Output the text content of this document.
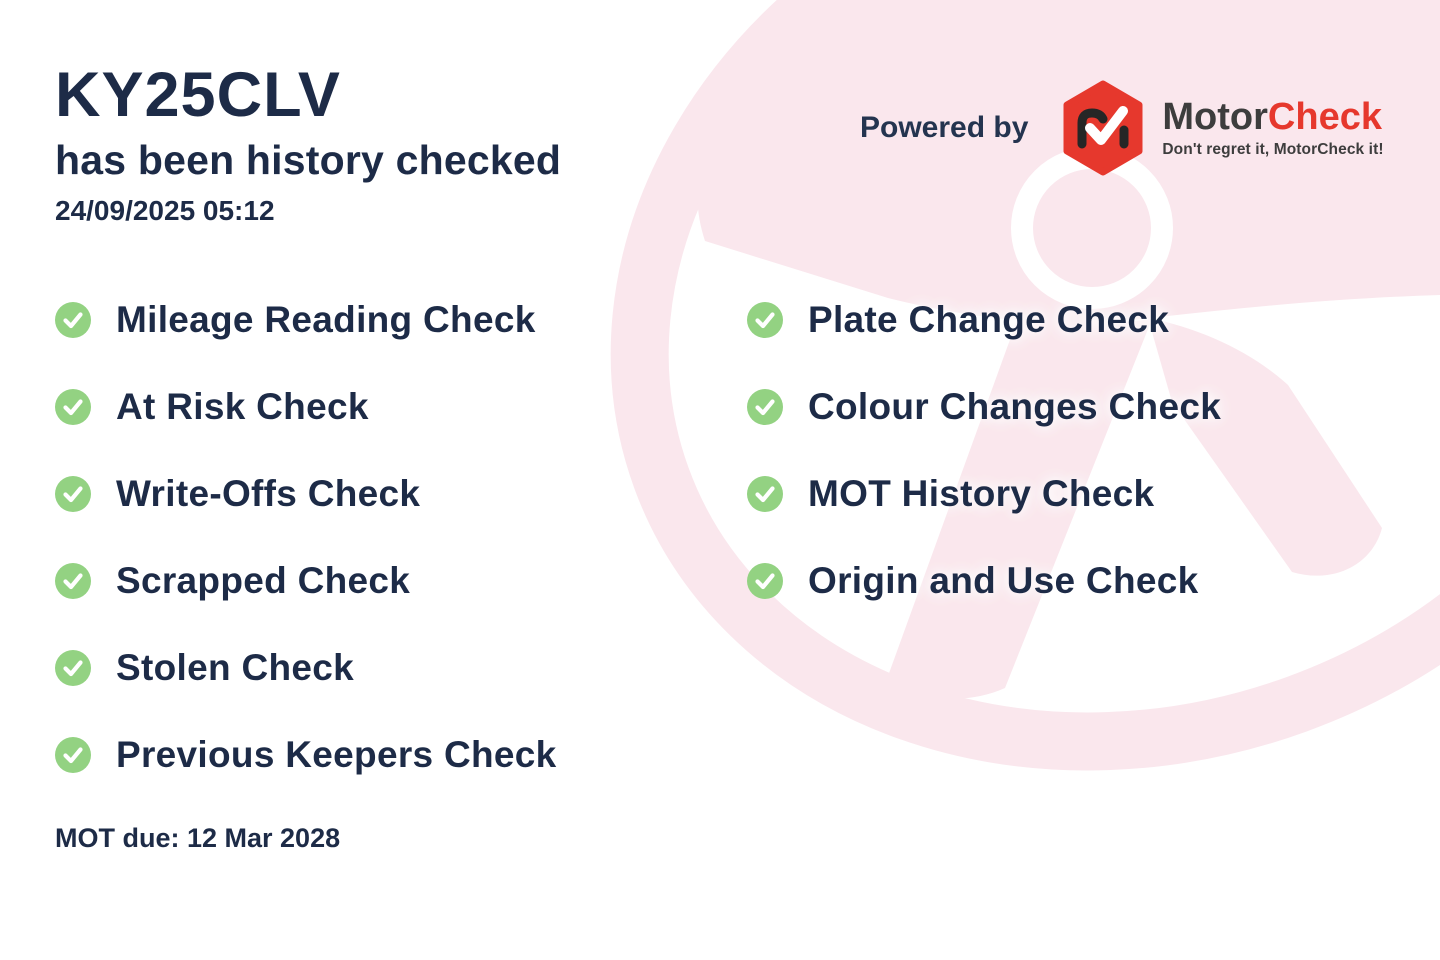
KY25CLV
has been history checked
24/09/2025 05:12
Powered by	MotorCheck
Don't regret it, MotorCheck it!
Mileage Reading Check
At Risk Check
Write-Offs Check
Scrapped Check
Stolen Check
Previous Keepers Check
Plate Change Check
Colour Changes Check
MOT History Check
Origin and Use Check
MOT due: 12 Mar 2028
